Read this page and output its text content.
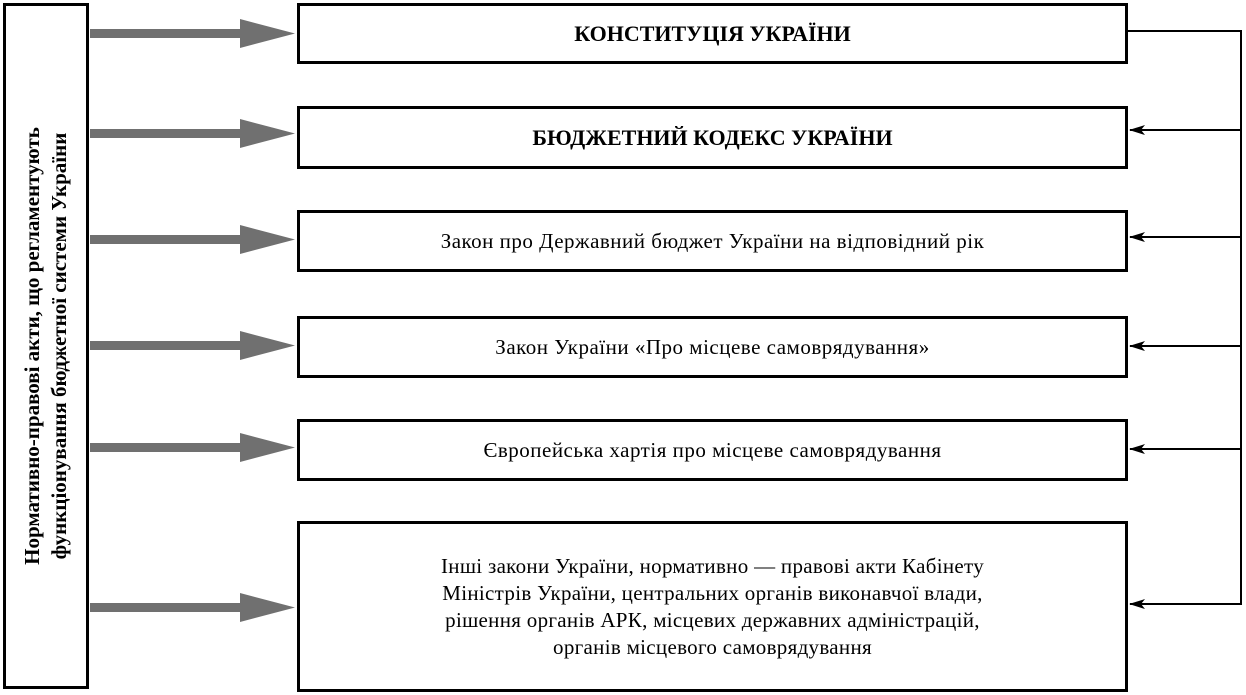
Нормативно-правові акти, що регламентують функціонування бюджетної системи України
КОНСТИТУЦІЯ УКРАЇНИ
БЮДЖЕТНИЙ КОДЕКС УКРАЇНИ
Закон про Державний бюджет України на відповідний рік
Закон України «Про місцеве самоврядування»
Європейська хартія про місцеве самоврядування
Інші закони України, нормативно — правові акти Кабінету
Міністрів України, центральних органів виконавчої влади,
рішення органів АРК, місцевих державних адміністрацій,
органів місцевого самоврядування
